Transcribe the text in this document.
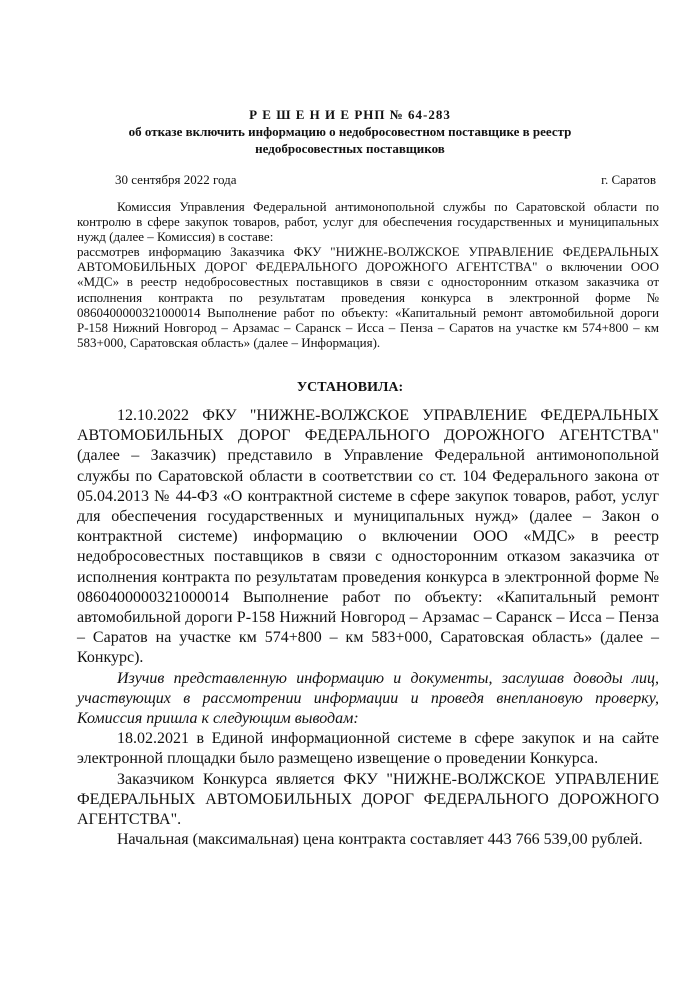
Р Е Ш Е Н И Е РНП № 64-283
об отказе включить информацию о недобросовестном поставщике в реестр
недобросовестных поставщиков
30 сентября 2022 года	г. Саратов

Комиссия Управления Федеральной антимонопольной службы по Саратовской области по контролю в сфере закупок товаров, работ, услуг для обеспечения государственных и муниципальных нужд (далее – Комиссия) в составе:

рассмотрев информацию Заказчика ФКУ "НИЖНЕ-ВОЛЖСКОЕ УПРАВЛЕНИЕ ФЕДЕРАЛЬНЫХ АВТОМОБИЛЬНЫХ ДОРОГ ФЕДЕРАЛЬНОГО ДОРОЖНОГО АГЕНТСТВА" о включении ООО «МДС» в реестр недобросовестных поставщиков в связи с односторонним отказом заказчика от исполнения контракта по результатам проведения конкурса в электронной форме № 0860400000321000014 Выполнение работ по объекту: «Капитальный ремонт автомобильной дороги Р-158 Нижний Новгород – Арзамас – Саранск – Исса – Пенза – Саратов на участке км 574+800 – км 583+000, Саратовская область» (далее – Информация).

УСТАНОВИЛА:

12.10.2022 ФКУ "НИЖНЕ-ВОЛЖСКОЕ УПРАВЛЕНИЕ ФЕДЕРАЛЬНЫХ АВТОМОБИЛЬНЫХ ДОРОГ ФЕДЕРАЛЬНОГО ДОРОЖНОГО АГЕНТСТВА" (далее – Заказчик) представило в Управление Федеральной антимонопольной службы по Саратовской области в соответствии со ст. 104 Федерального закона от 05.04.2013 № 44-ФЗ «О контрактной системе в сфере закупок товаров, работ, услуг для обеспечения государственных и муниципальных нужд» (далее – Закон о контрактной системе) информацию о включении ООО «МДС» в реестр недобросовестных поставщиков в связи с односторонним отказом заказчика от исполнения контракта по результатам проведения конкурса в электронной форме № 0860400000321000014 Выполнение работ по объекту: «Капитальный ремонт автомобильной дороги Р-158 Нижний Новгород – Арзамас – Саранск – Исса – Пенза – Саратов на участке км 574+800 – км 583+000, Саратовская область» (далее – Конкурс).

Изучив представленную информацию и документы, заслушав доводы лиц, участвующих в рассмотрении информации и проведя внеплановую проверку, Комиссия пришла к следующим выводам:

18.02.2021 в Единой информационной системе в сфере закупок и на сайте электронной площадки было размещено извещение о проведении Конкурса.

Заказчиком Конкурса является ФКУ "НИЖНЕ-ВОЛЖСКОЕ УПРАВЛЕНИЕ ФЕДЕРАЛЬНЫХ АВТОМОБИЛЬНЫХ ДОРОГ ФЕДЕРАЛЬНОГО ДОРОЖНОГО АГЕНТСТВА".

Начальная (максимальная) цена контракта составляет 443 766 539,00 рублей.
